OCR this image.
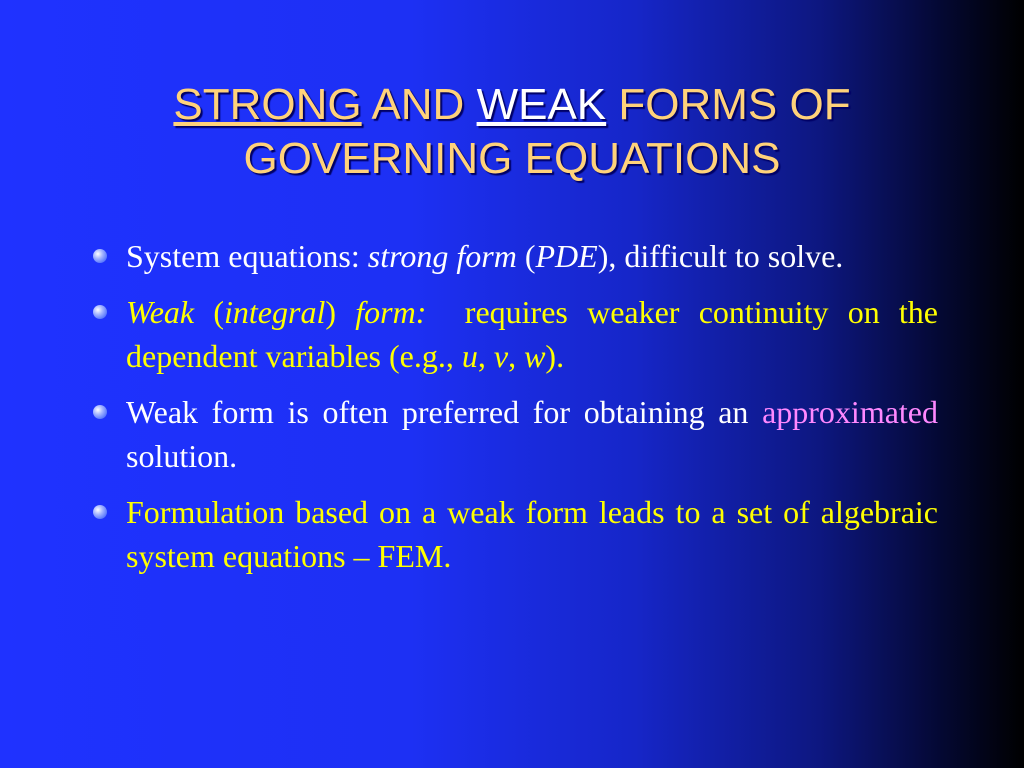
STRONG AND WEAK FORMS OF
GOVERNING EQUATIONS
System equations: strong form (PDE), difficult to solve.
Weak (integral) form:  requires weaker continuity on the dependent variables (e.g., u, v, w).
Weak form is often preferred for obtaining an approximated solution.
Formulation based on a weak form leads to a set of algebraic system equations – FEM.
